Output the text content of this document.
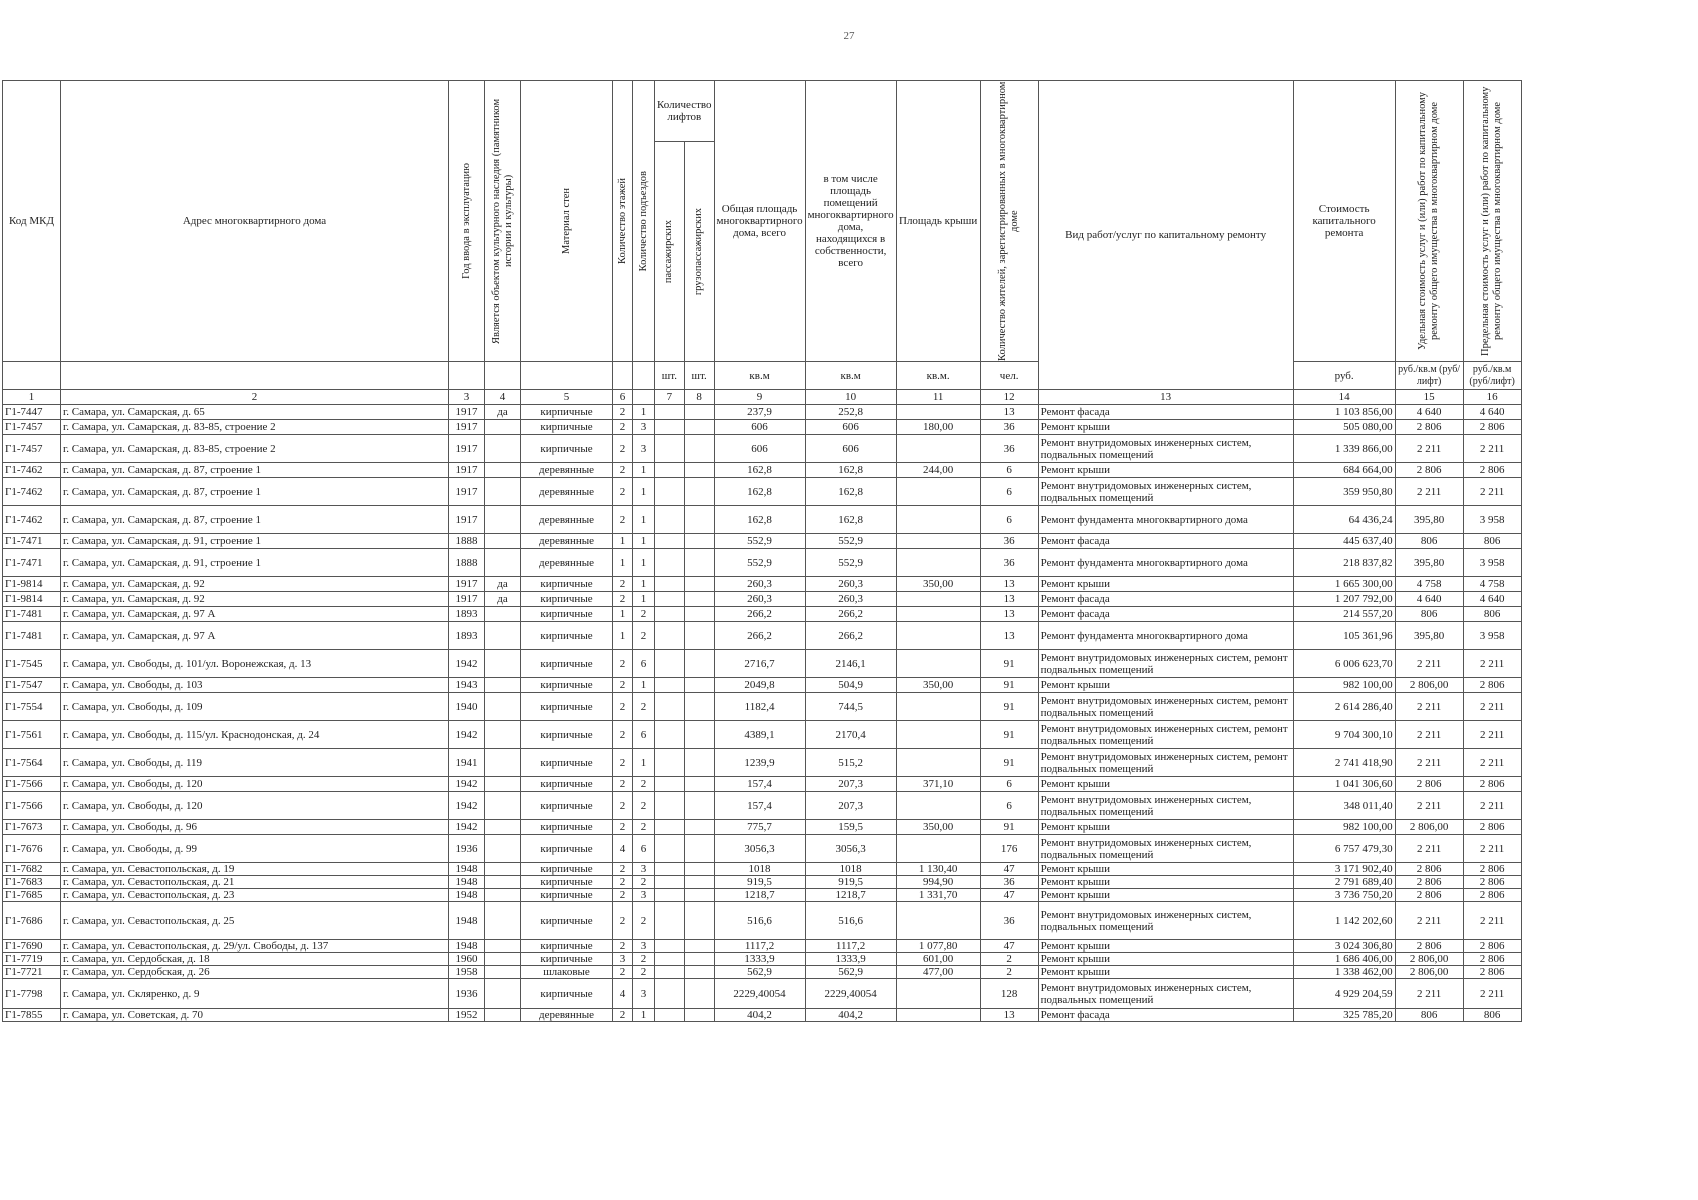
27
Код МКД	Адрес многоквартирного дома	Год ввода в эксплуатацию	Является объектом культурного наследия (памятником истории и культуры)	Материал стен	Количество этажей	Количество подъездов	Количество лифтов		Общая площадь многоквартирного дома, всего	в том числе площадь помещений многоквартирного дома, находящихся в собственности, всего	Площадь крыши	Количество жителей, зарегистрированных в многоквартирном доме	Вид работ/услуг по капитальному ремонту	Стоимость капитального ремонта	Удельная стоимость услуг и (или) работ по капитальному ремонту общего имущества в многоквартирном доме	Предельная стоимость услуг и (или) работ по капитальному ремонту общего имущества в многоквартирном доме

							пассажирских	грузопассажирских								

							шт.	шт.	кв.м	кв.м	кв.м.	чел.		руб.	руб./кв.м (руб/лифт)	руб./кв.м (руб/лифт)
1	2	3	4	5	6		7	8	9	10	11	12	13	14	15	16
Г1-7447	г. Самара, ул. Самарская, д. 65	1917	да	кирпичные	2	1			237,9	252,8		13	Ремонт фасада	1 103 856,00	4 640	4 640
Г1-7457	г. Самара, ул. Самарская, д. 83-85, строение 2	1917		кирпичные	2	3			606	606	180,00	36	Ремонт крыши	505 080,00	2 806	2 806
Г1-7457	г. Самара, ул. Самарская, д. 83-85, строение 2	1917		кирпичные	2	3			606	606		36	Ремонт внутридомовых инженерных систем, подвальных помещений	1 339 866,00	2 211	2 211
Г1-7462	г. Самара, ул. Самарская, д. 87, строение 1	1917		деревянные	2	1			162,8	162,8	244,00	6	Ремонт крыши	684 664,00	2 806	2 806
Г1-7462	г. Самара, ул. Самарская, д. 87, строение 1	1917		деревянные	2	1			162,8	162,8		6	Ремонт внутридомовых инженерных систем, подвальных помещений	359 950,80	2 211	2 211
Г1-7462	г. Самара, ул. Самарская, д. 87, строение 1	1917		деревянные	2	1			162,8	162,8		6	Ремонт фундамента многоквартирного дома	64 436,24	395,80	3 958
Г1-7471	г. Самара, ул. Самарская, д. 91, строение 1	1888		деревянные	1	1			552,9	552,9		36	Ремонт фасада	445 637,40	806	806
Г1-7471	г. Самара, ул. Самарская, д. 91, строение 1	1888		деревянные	1	1			552,9	552,9		36	Ремонт фундамента многоквартирного дома	218 837,82	395,80	3 958
Г1-9814	г. Самара, ул. Самарская, д. 92	1917	да	кирпичные	2	1			260,3	260,3	350,00	13	Ремонт крыши	1 665 300,00	4 758	4 758
Г1-9814	г. Самара, ул. Самарская, д. 92	1917	да	кирпичные	2	1			260,3	260,3		13	Ремонт фасада	1 207 792,00	4 640	4 640
Г1-7481	г. Самара, ул. Самарская, д. 97 А	1893		кирпичные	1	2			266,2	266,2		13	Ремонт фасада	214 557,20	806	806
Г1-7481	г. Самара, ул. Самарская, д. 97 А	1893		кирпичные	1	2			266,2	266,2		13	Ремонт фундамента многоквартирного дома	105 361,96	395,80	3 958
Г1-7545	г. Самара, ул. Свободы, д. 101/ул. Воронежская, д. 13	1942		кирпичные	2	6			2716,7	2146,1		91	Ремонт внутридомовых инженерных систем, ремонт подвальных помещений	6 006 623,70	2 211	2 211
Г1-7547	г. Самара, ул. Свободы, д. 103	1943		кирпичные	2	1			2049,8	504,9	350,00	91	Ремонт крыши	982 100,00	2 806,00	2 806
Г1-7554	г. Самара, ул. Свободы, д. 109	1940		кирпичные	2	2			1182,4	744,5		91	Ремонт внутридомовых инженерных систем, ремонт подвальных помещений	2 614 286,40	2 211	2 211
Г1-7561	г. Самара, ул. Свободы, д. 115/ул. Краснодонская, д. 24	1942		кирпичные	2	6			4389,1	2170,4		91	Ремонт внутридомовых инженерных систем, ремонт подвальных помещений	9 704 300,10	2 211	2 211
Г1-7564	г. Самара, ул. Свободы, д. 119	1941		кирпичные	2	1			1239,9	515,2		91	Ремонт внутридомовых инженерных систем, ремонт подвальных помещений	2 741 418,90	2 211	2 211
Г1-7566	г. Самара, ул. Свободы, д. 120	1942		кирпичные	2	2			157,4	207,3	371,10	6	Ремонт крыши	1 041 306,60	2 806	2 806
Г1-7566	г. Самара, ул. Свободы, д. 120	1942		кирпичные	2	2			157,4	207,3		6	Ремонт внутридомовых инженерных систем, подвальных помещений	348 011,40	2 211	2 211
Г1-7673	г. Самара, ул. Свободы, д. 96	1942		кирпичные	2	2			775,7	159,5	350,00	91	Ремонт крыши	982 100,00	2 806,00	2 806
Г1-7676	г. Самара, ул. Свободы, д. 99	1936		кирпичные	4	6			3056,3	3056,3		176	Ремонт внутридомовых инженерных систем, подвальных помещений	6 757 479,30	2 211	2 211
Г1-7682	г. Самара, ул. Севастопольская, д. 19	1948		кирпичные	2	3			1018	1018	1 130,40	47	Ремонт крыши	3 171 902,40	2 806	2 806
Г1-7683	г. Самара, ул. Севастопольская, д. 21	1948		кирпичные	2	2			919,5	919,5	994,90	36	Ремонт крыши	2 791 689,40	2 806	2 806
Г1-7685	г. Самара, ул. Севастопольская, д. 23	1948		кирпичные	2	3			1218,7	1218,7	1 331,70	47	Ремонт крыши	3 736 750,20	2 806	2 806
Г1-7686	г. Самара, ул. Севастопольская, д. 25	1948		кирпичные	2	2			516,6	516,6		36	Ремонт внутридомовых инженерных систем, подвальных помещений	1 142 202,60	2 211	2 211
Г1-7690	г. Самара, ул. Севастопольская, д. 29/ул. Свободы, д. 137	1948		кирпичные	2	3			1117,2	1117,2	1 077,80	47	Ремонт крыши	3 024 306,80	2 806	2 806
Г1-7719	г. Самара, ул. Сердобская, д. 18	1960		кирпичные	3	2			1333,9	1333,9	601,00	2	Ремонт крыши	1 686 406,00	2 806,00	2 806
Г1-7721	г. Самара, ул. Сердобская, д. 26	1958		шлаковые	2	2			562,9	562,9	477,00	2	Ремонт крыши	1 338 462,00	2 806,00	2 806
Г1-7798	г. Самара, ул. Скляренко, д. 9	1936		кирпичные	4	3			2229,40054	2229,40054		128	Ремонт внутридомовых инженерных систем, подвальных помещений	4 929 204,59	2 211	2 211
Г1-7855	г. Самара, ул. Советская, д. 70	1952		деревянные	2	1			404,2	404,2		13	Ремонт фасада	325 785,20	806	806
